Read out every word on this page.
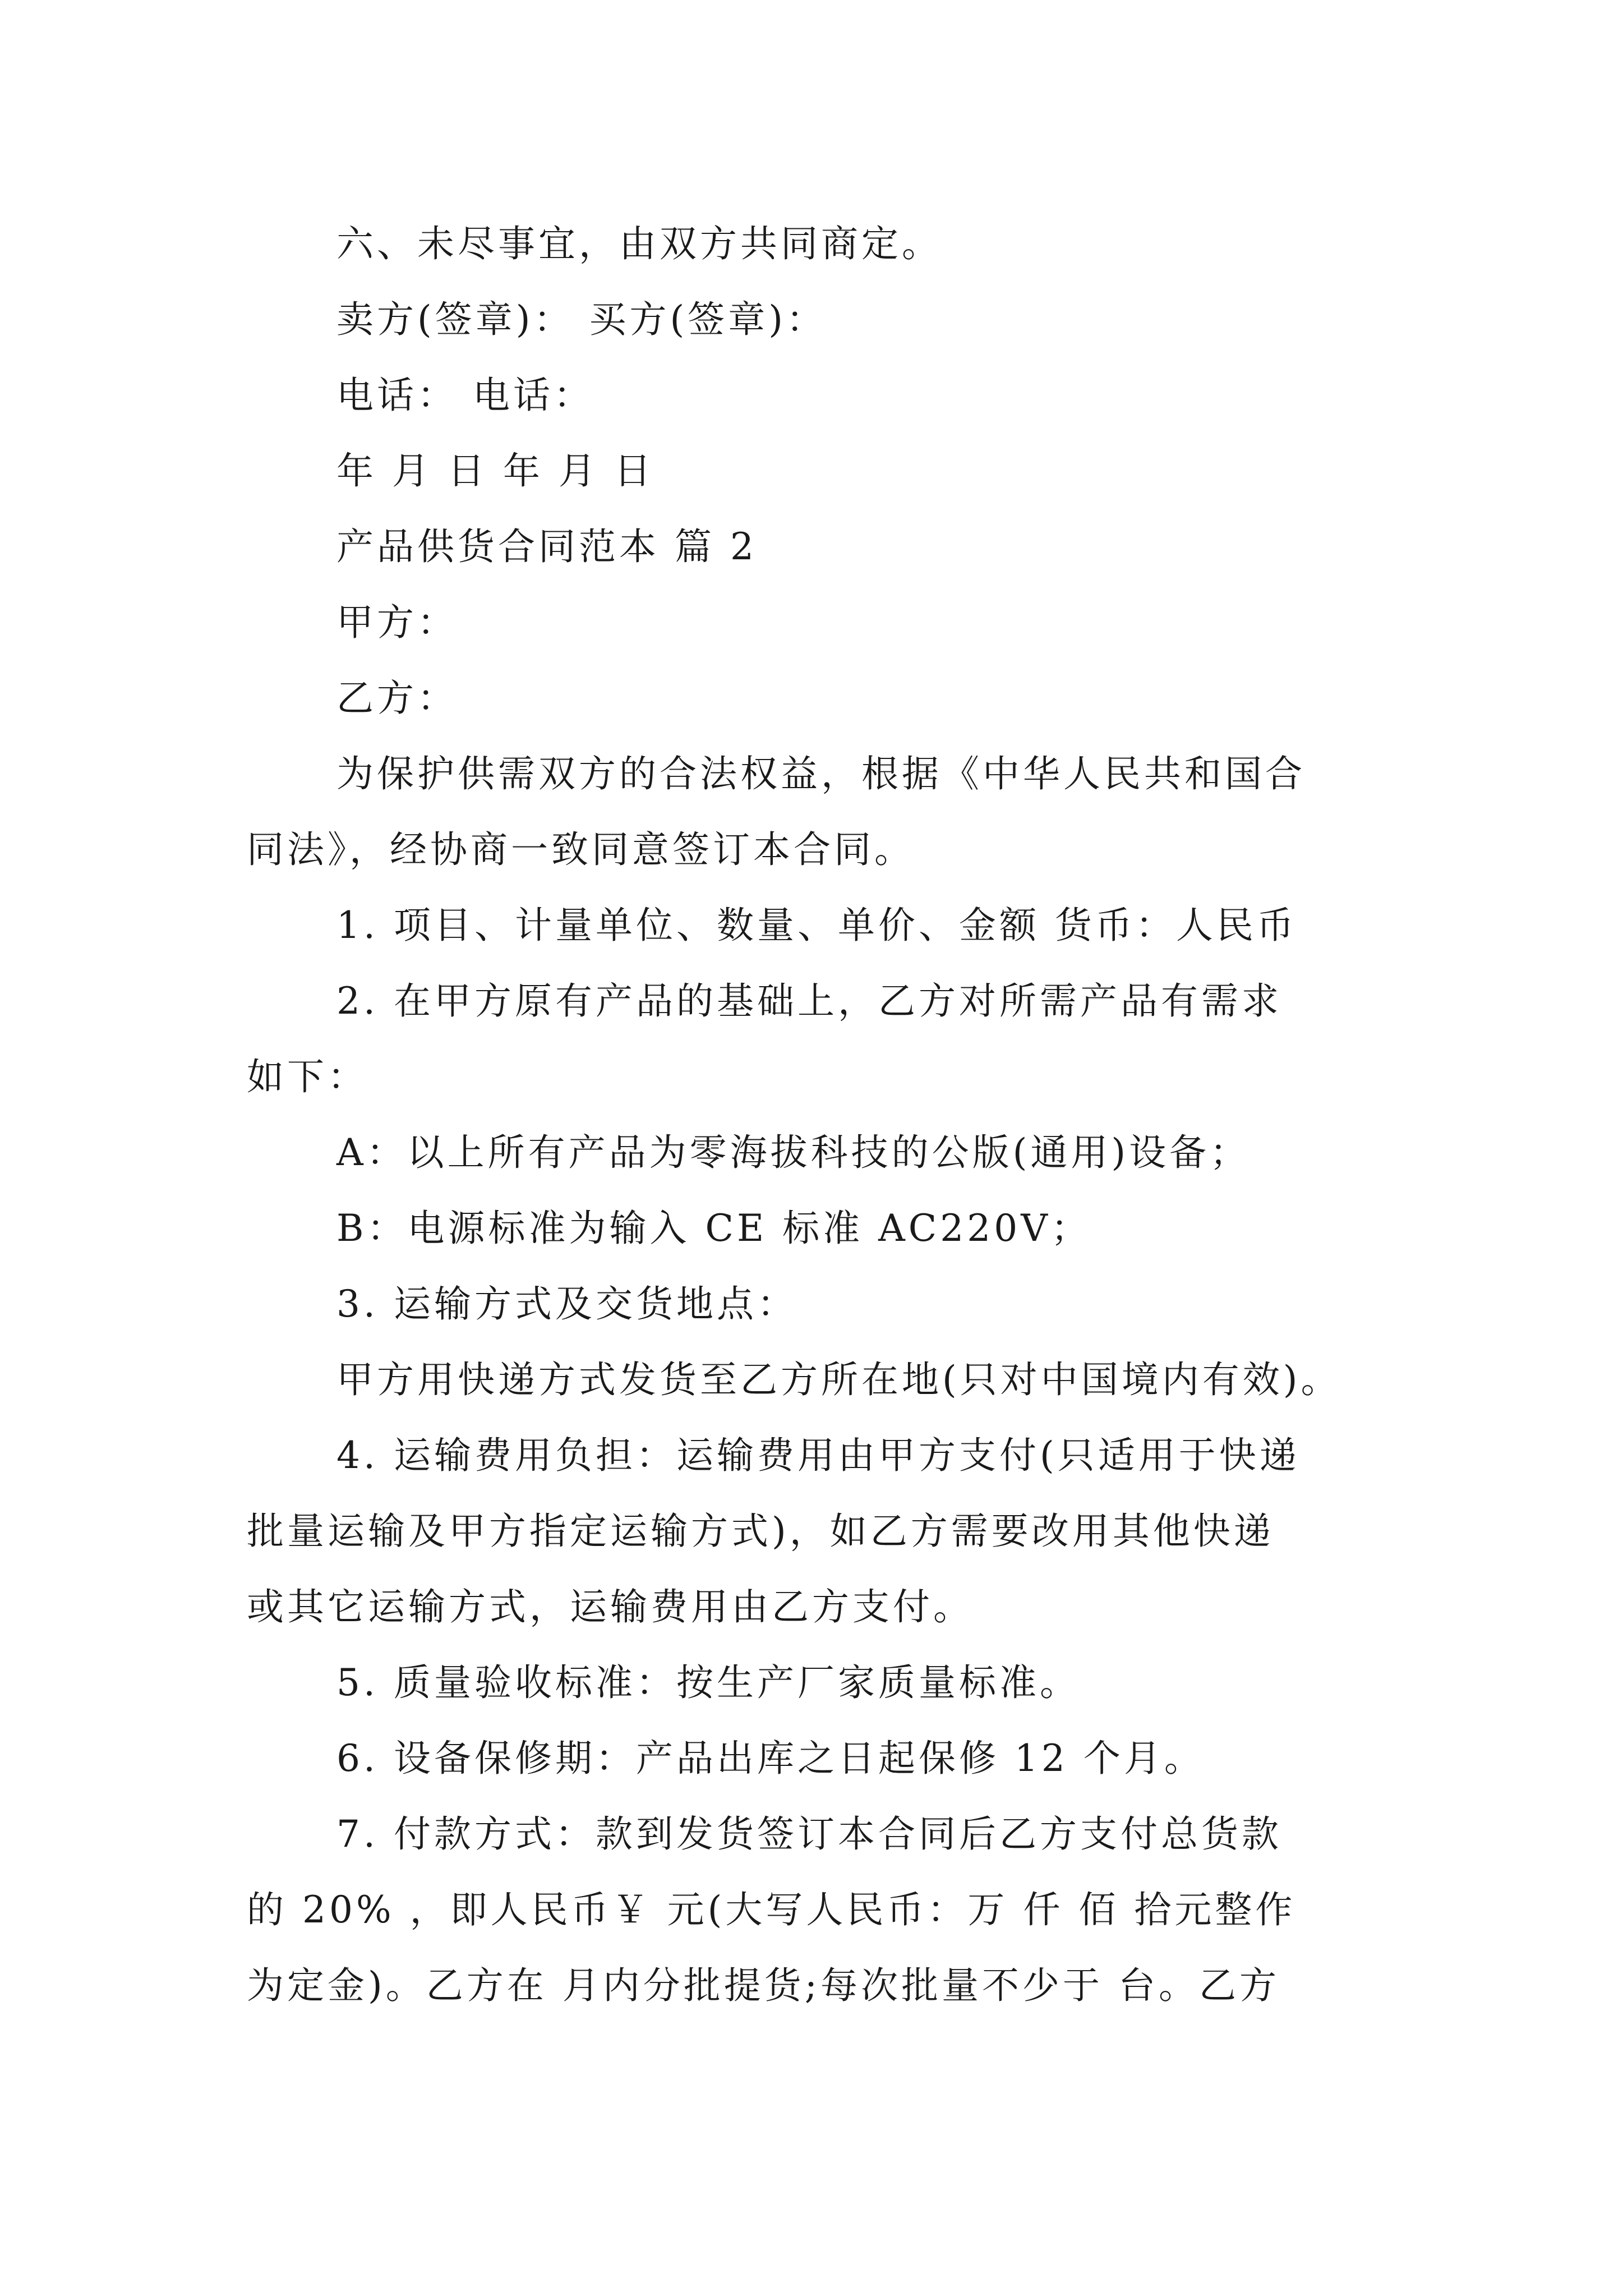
六、未尽事宜，由双方共同商定。
卖方(签章)： 买方(签章)：
电话： 电话：
年 月 日 年 月 日
产品供货合同范本 篇 2
甲方：
乙方：
为保护供需双方的合法权益，根据《中华人民共和国合
同法》，经协商一致同意签订本合同。
1. 项目、计量单位、数量、单价、金额 货币：人民币
2. 在甲方原有产品的基础上，乙方对所需产品有需求
如下：
A：以上所有产品为零海拔科技的公版(通用)设备；
B：电源标准为输入 CE 标准 AC220V；
3. 运输方式及交货地点：
甲方用快递方式发货至乙方所在地(只对中国境内有效)。
4. 运输费用负担：运输费用由甲方支付(只适用于快递
批量运输及甲方指定运输方式)，如乙方需要改用其他快递
或其它运输方式，运输费用由乙方支付。
5. 质量验收标准：按生产厂家质量标准。
6. 设备保修期：产品出库之日起保修 12 个月。
7. 付款方式：款到发货签订本合同后乙方支付总货款
的 20% ，即人民币￥ 元(大写人民币：万 仟 佰 拾元整作
为定金)。乙方在 月内分批提货;每次批量不少于 台。乙方
